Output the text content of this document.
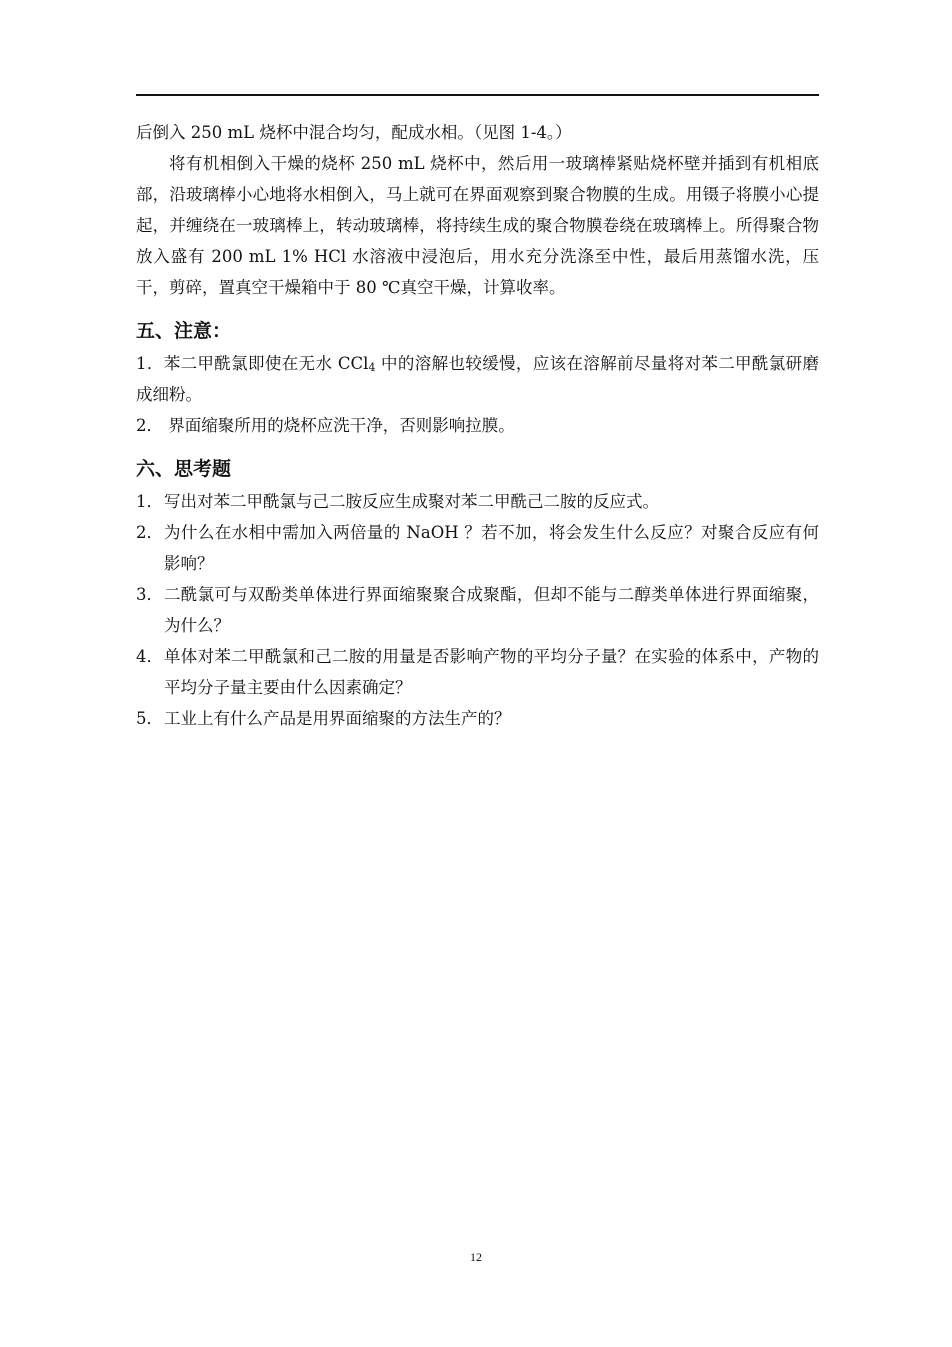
后倒入 250 mL 烧杯中混合均匀，配成水相。（见图 1-4。）

将有机相倒入干燥的烧杯 250 mL 烧杯中，然后用一玻璃棒紧贴烧杯壁并插到有机相底部，沿玻璃棒小心地将水相倒入，马上就可在界面观察到聚合物膜的生成。用镊子将膜小心提起，并缠绕在一玻璃棒上，转动玻璃棒，将持续生成的聚合物膜卷绕在玻璃棒上。所得聚合物放入盛有 200 mL 1% HCl 水溶液中浸泡后，用水充分洗涤至中性，最后用蒸馏水洗，压干，剪碎，置真空干燥箱中于 80 ℃真空干燥，计算收率。

五、注意：

1．苯二甲酰氯即使在无水 CCl$_4$ 中的溶解也较缓慢，应该在溶解前尽量将对苯二甲酰氯研磨成细粉。

2． 界面缩聚所用的烧杯应洗干净，否则影响拉膜。

六、思考题
1． 写出对苯二甲酰氯与己二胺反应生成聚对苯二甲酰己二胺的反应式。
2． 为什么在水相中需加入两倍量的 NaOH ？若不加，将会发生什么反应？对聚合反应有何影响？
3． 二酰氯可与双酚类单体进行界面缩聚聚合成聚酯，但却不能与二醇类单体进行界面缩聚，为什么？
4． 单体对苯二甲酰氯和己二胺的用量是否影响产物的平均分子量？在实验的体系中，产物的平均分子量主要由什么因素确定？
5． 工业上有什么产品是用界面缩聚的方法生产的？
12
